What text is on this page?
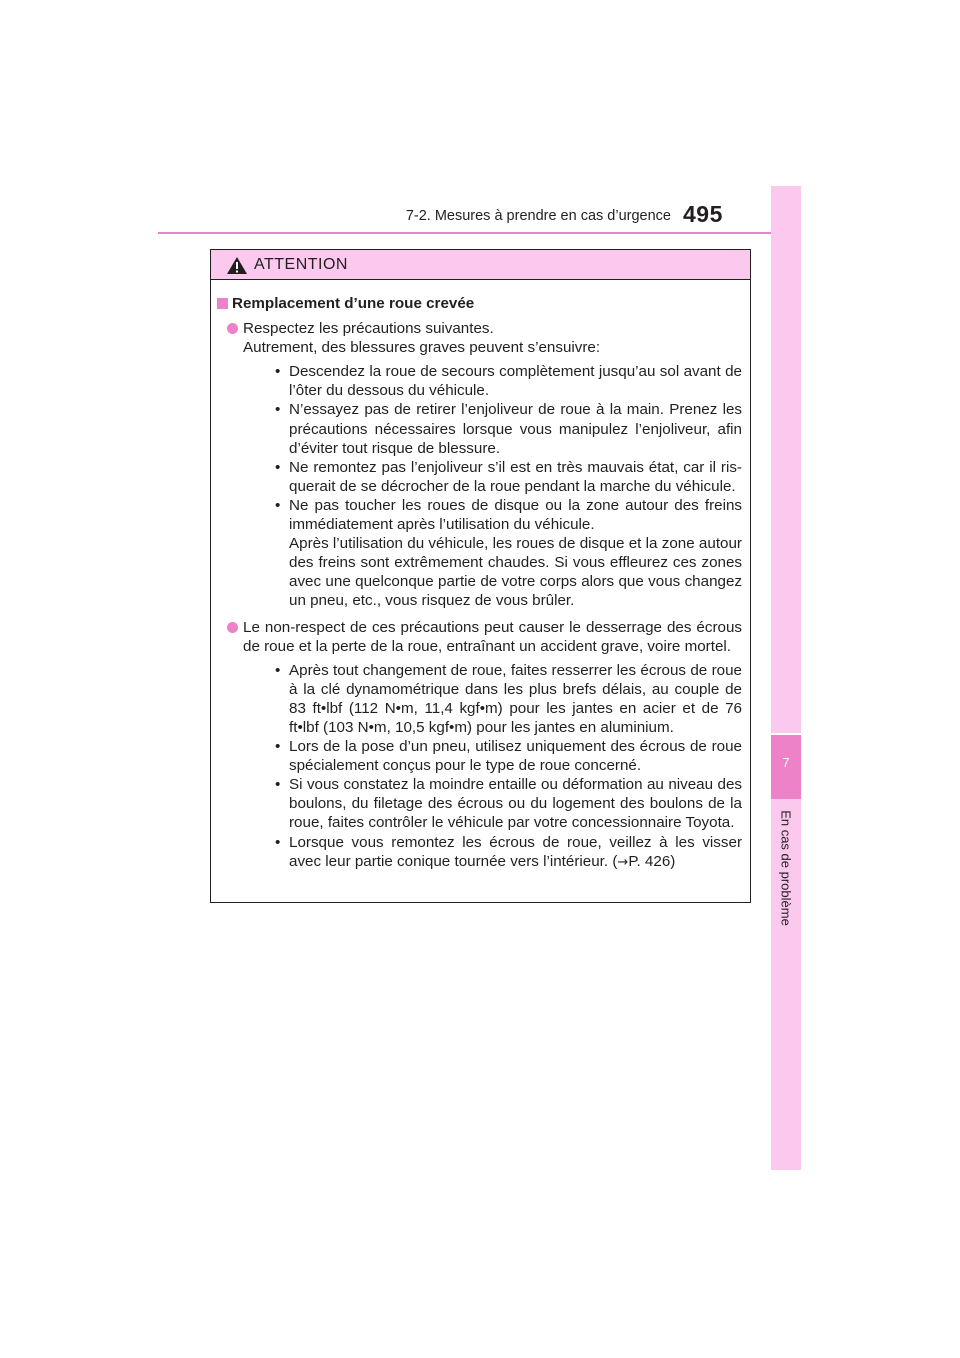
7-2. Mesures à prendre en cas d’urgence 495
7
En cas de problème
ATTENTION
Remplacement d’une roue crevée
Respectez les précautions suivantes.
Autrement, des blessures graves peuvent s’ensuivre:
• Descendez la roue de secours complètement jusqu’au sol avant de l’ôter du dessous du véhicule.
• N’essayez pas de retirer l’enjoliveur de roue à la main. Prenez les précautions nécessaires lorsque vous manipulez l’enjoliveur, afin d’éviter tout risque de blessure.
• Ne remontez pas l’enjoliveur s’il est en très mauvais état, car il ris-querait de se décrocher de la roue pendant la marche du véhicule.
• Ne pas toucher les roues de disque ou la zone autour des freins immédiatement après l’utilisation du véhicule.
Après l’utilisation du véhicule, les roues de disque et la zone autour des freins sont extrêmement chaudes. Si vous effleurez ces zones avec une quelconque partie de votre corps alors que vous changez un pneu, etc., vous risquez de vous brûler.
Le non-respect de ces précautions peut causer le desserrage des écrous de roue et la perte de la roue, entraînant un accident grave, voire mortel.
• Après tout changement de roue, faites resserrer les écrous de roue à la clé dynamométrique dans les plus brefs délais, au couple de 83 ft•lbf (112 N•m, 11,4 kgf•m) pour les jantes en acier et de 76 ft•lbf (103 N•m, 10,5 kgf•m) pour les jantes en aluminium.
• Lors de la pose d’un pneu, utilisez uniquement des écrous de roue spécialement conçus pour le type de roue concerné.
• Si vous constatez la moindre entaille ou déformation au niveau des boulons, du filetage des écrous ou du logement des boulons de la roue, faites contrôler le véhicule par votre concessionnaire Toyota.
• Lorsque vous remontez les écrous de roue, veillez à les visser avec leur partie conique tournée vers l’intérieur. (→P. 426)
